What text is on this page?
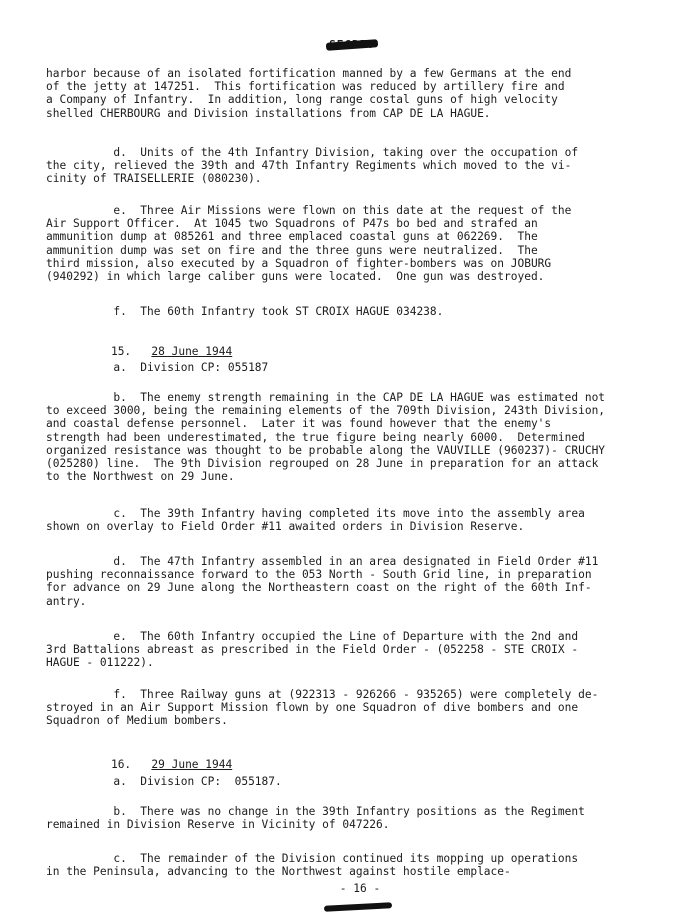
harbor because of an isolated fortification manned by a few Germans at the end
of the jetty at 147251.  This fortification was reduced by artillery fire and
a Company of Infantry.  In addition, long range costal guns of high velocity
shelled CHERBOURG and Division installations from CAP DE LA HAGUE.
d.  Units of the 4th Infantry Division, taking over the occupation of
the city, relieved the 39th and 47th Infantry Regiments which moved to the vi-
cinity of TRAISELLERIE (080230).
e.  Three Air Missions were flown on this date at the request of the
Air Support Officer.  At 1045 two Squadrons of P47s bo bed and strafed an
ammunition dump at 085261 and three emplaced coastal guns at 062269.  The
ammunition dump was set on fire and the three guns were neutralized.  The
third mission, also executed by a Squadron of fighter-bombers was on JOBURG
(940292) in which large caliber guns were located.  One gun was destroyed.
f.  The 60th Infantry took ST CROIX HAGUE 034238.

15. 28 June 1944

a.  Division CP: 055187
b.  The enemy strength remaining in the CAP DE LA HAGUE was estimated not
to exceed 3000, being the remaining elements of the 709th Division, 243th Division,
and coastal defense personnel.  Later it was found however that the enemy's
strength had been underestimated, the true figure being nearly 6000.  Determined
organized resistance was thought to be probable along the VAUVILLE (960237)- CRUCHY
(025280) line.  The 9th Division regrouped on 28 June in preparation for an attack
to the Northwest on 29 June.
c.  The 39th Infantry having completed its move into the assembly area
shown on overlay to Field Order #11 awaited orders in Division Reserve.
d.  The 47th Infantry assembled in an area designated in Field Order #11
pushing reconnaissance forward to the 053 North - South Grid line, in preparation
for advance on 29 June along the Northeastern coast on the right of the 60th Inf-
antry.
e.  The 60th Infantry occupied the Line of Departure with the 2nd and
3rd Battalions abreast as prescribed in the Field Order - (052258 - STE CROIX -
HAGUE - 011222).
f.  Three Railway guns at (922313 - 926266 - 935265) were completely de-
stroyed in an Air Support Mission flown by one Squadron of dive bombers and one
Squadron of Medium bombers.

16. 29 June 1944

a.  Division CP:  055187.
b.  There was no change in the 39th Infantry positions as the Regiment
remained in Division Reserve in Vicinity of 047226.
c.  The remainder of the Division continued its mopping up operations
in the Peninsula, advancing to the Northwest against hostile emplace-
- 16 -
